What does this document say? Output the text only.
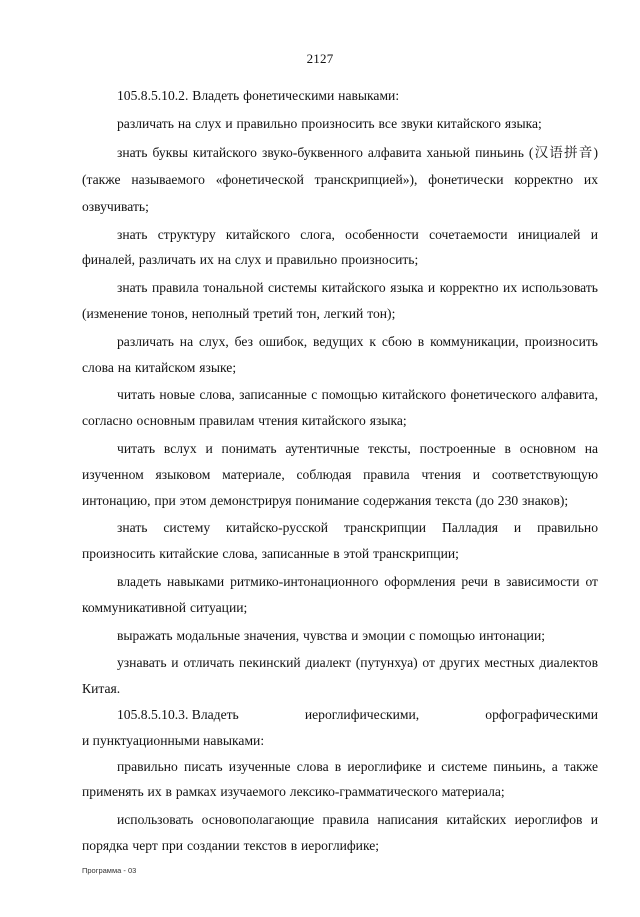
2127

105.8.5.10.2. Владеть фонетическими навыками:

различать на слух и правильно произносить все звуки китайского языка;

знать буквы китайского звуко-буквенного алфавита ханьюй пиньинь (汉语拼音) (также называемого «фонетической транскрипцией»), фонетически корректно их озвучивать;

знать структуру китайского слога, особенности сочетаемости инициалей и финалей, различать их на слух и правильно произносить;

знать правила тональной системы китайского языка и корректно их использовать (изменение тонов, неполный третий тон, легкий тон);

различать на слух, без ошибок, ведущих к сбою в коммуникации, произносить слова на китайском языке;

читать новые слова, записанные с помощью китайского фонетического алфавита, согласно основным правилам чтения китайского языка;

читать вслух и понимать аутентичные тексты, построенные в основном на изученном языковом материале, соблюдая правила чтения и соответствующую интонацию, при этом демонстрируя понимание содержания текста (до 230 знаков);

знать систему китайско-русской транскрипции Палладия и правильно произносить китайские слова, записанные в этой транскрипции;

владеть навыками ритмико-интонационного оформления речи в зависимости от коммуникативной ситуации;

выражать модальные значения, чувства и эмоции с помощью интонации;

узнавать и отличать пекинский диалект (путунхуа) от других местных диалектов Китая.

105.8.5.10.3. Владеть	иероглифическими,	орфографическими

и пунктуационными навыками:

правильно писать изученные слова в иероглифике и системе пиньинь, а также применять их в рамках изучаемого лексико-грамматического материала;

использовать основополагающие правила написания китайских иероглифов и порядка черт при создании текстов в иероглифике;

Программа - 03
